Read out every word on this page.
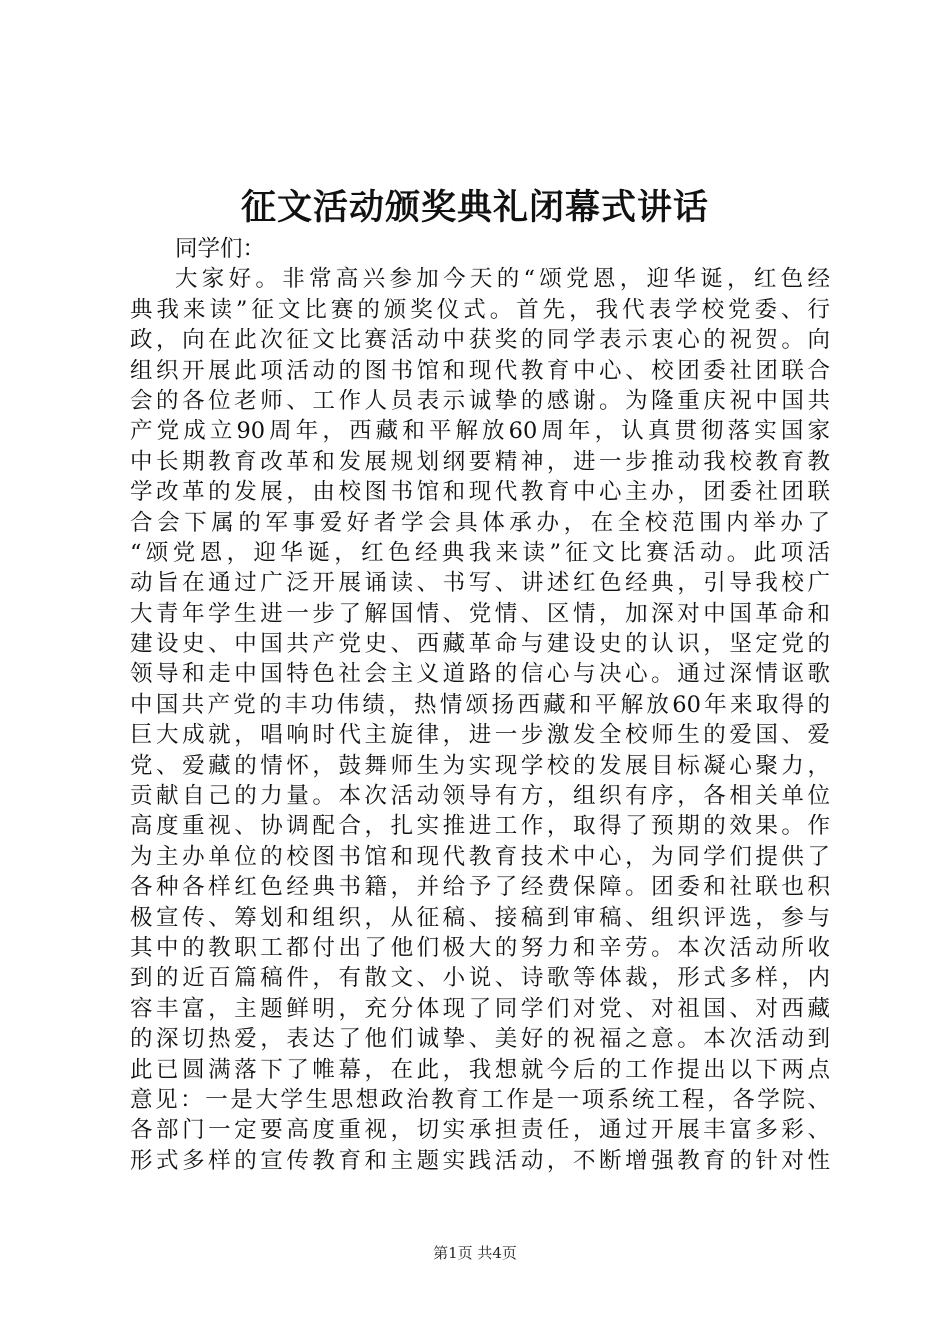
征文活动颁奖典礼闭幕式讲话
同学们：
大家好。非常高兴参加今天的“颂党恩，迎华诞，红色经
典我来读”征文比赛的颁奖仪式。首先，我代表学校党委、行
政，向在此次征文比赛活动中获奖的同学表示衷心的祝贺。向
组织开展此项活动的图书馆和现代教育中心、校团委社团联合
会的各位老师、工作人员表示诚挚的感谢。为隆重庆祝中国共
产党成立90周年，西藏和平解放60周年，认真贯彻落实国家
中长期教育改革和发展规划纲要精神，进一步推动我校教育教
学改革的发展，由校图书馆和现代教育中心主办，团委社团联
合会下属的军事爱好者学会具体承办，在全校范围内举办了
“颂党恩，迎华诞，红色经典我来读”征文比赛活动。此项活
动旨在通过广泛开展诵读、书写、讲述红色经典，引导我校广
大青年学生进一步了解国情、党情、区情，加深对中国革命和
建设史、中国共产党史、西藏革命与建设史的认识，坚定党的
领导和走中国特色社会主义道路的信心与决心。通过深情讴歌
中国共产党的丰功伟绩，热情颂扬西藏和平解放60年来取得的
巨大成就，唱响时代主旋律，进一步激发全校师生的爱国、爱
党、爱藏的情怀，鼓舞师生为实现学校的发展目标凝心聚力，
贡献自己的力量。本次活动领导有方，组织有序，各相关单位
高度重视、协调配合，扎实推进工作，取得了预期的效果。作
为主办单位的校图书馆和现代教育技术中心，为同学们提供了
各种各样红色经典书籍，并给予了经费保障。团委和社联也积
极宣传、筹划和组织，从征稿、接稿到审稿、组织评选，参与
其中的教职工都付出了他们极大的努力和辛劳。本次活动所收
到的近百篇稿件，有散文、小说、诗歌等体裁，形式多样，内
容丰富，主题鲜明，充分体现了同学们对党、对祖国、对西藏
的深切热爱，表达了他们诚挚、美好的祝福之意。本次活动到
此已圆满落下了帷幕，在此，我想就今后的工作提出以下两点
意见：一是大学生思想政治教育工作是一项系统工程，各学院、
各部门一定要高度重视，切实承担责任，通过开展丰富多彩、
形式多样的宣传教育和主题实践活动，不断增强教育的针对性
第1页 共4页
